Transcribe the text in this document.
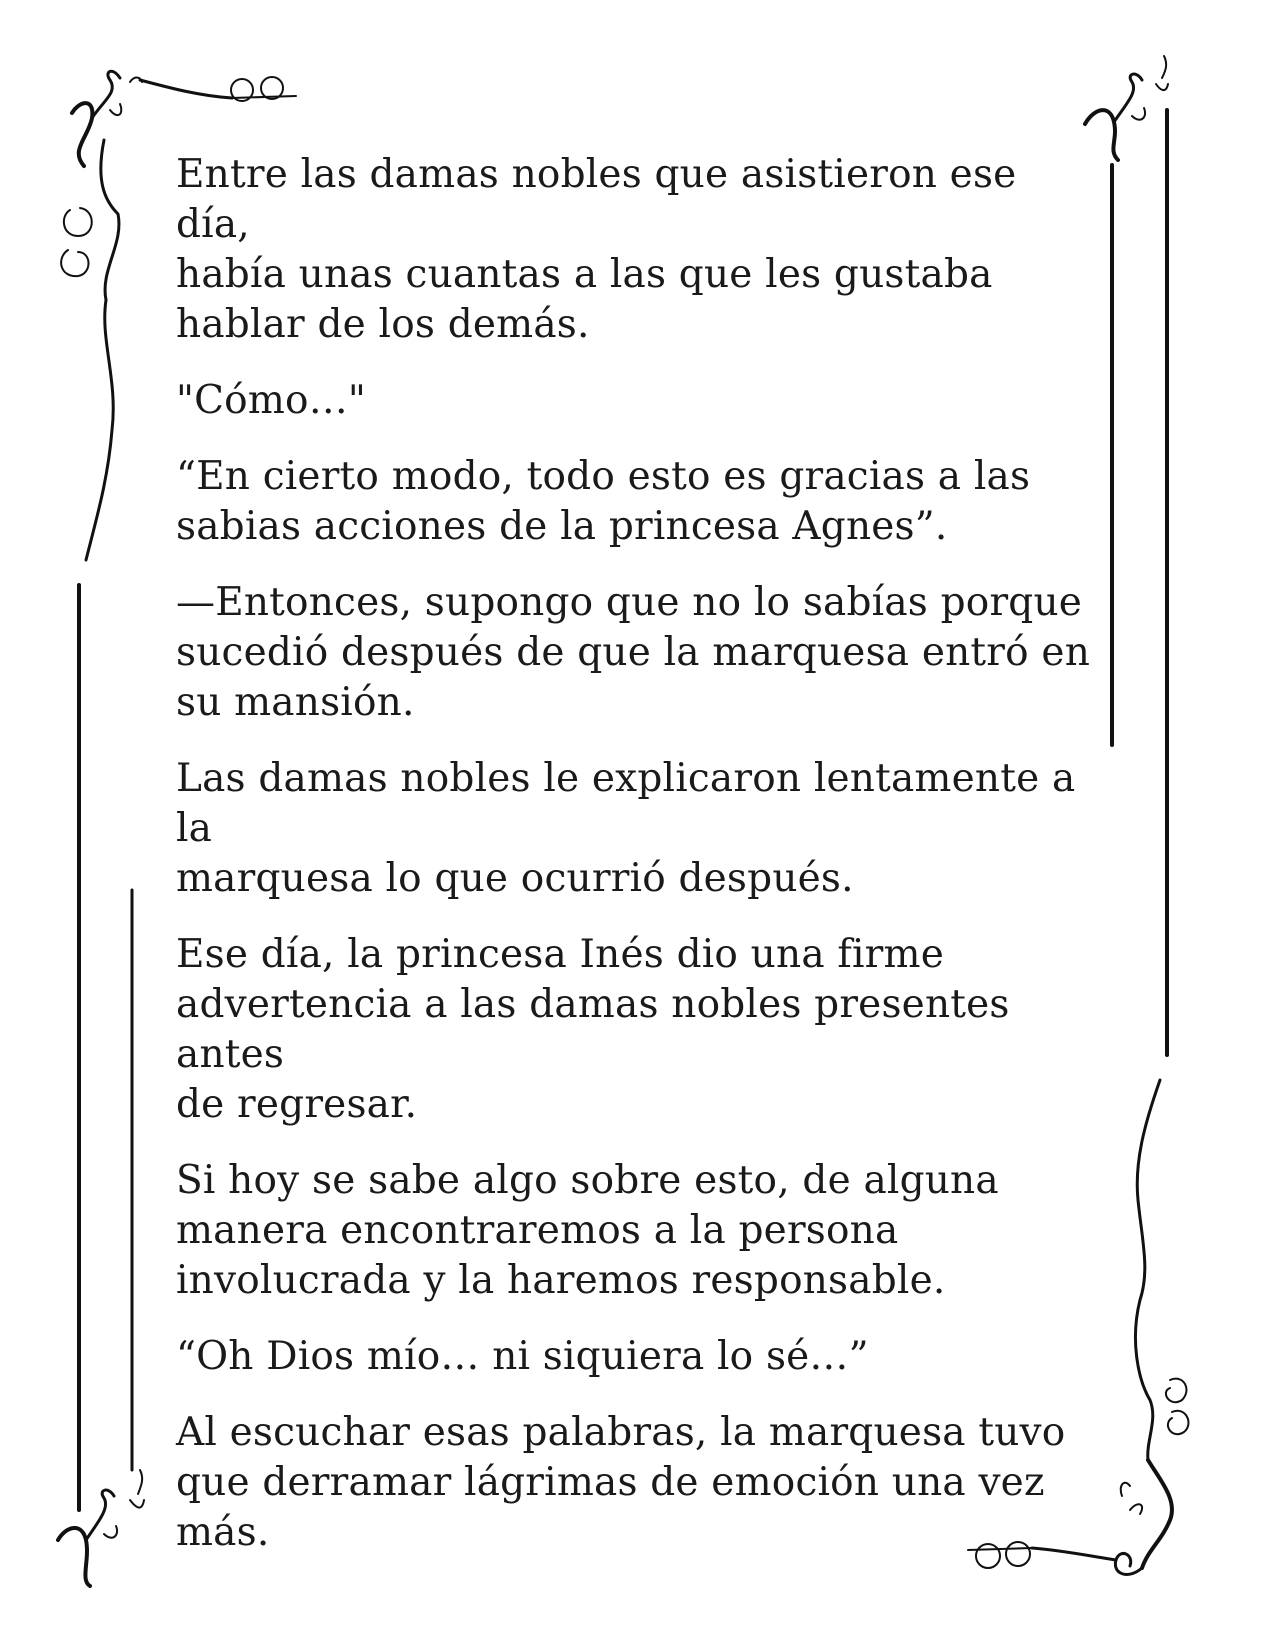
Entre las damas nobles que asistieron ese día,
había unas cuantas a las que les gustaba
hablar de los demás.

"Cómo…"

“En cierto modo, todo esto es gracias a las
sabias acciones de la princesa Agnes”.

—Entonces, supongo que no lo sabías porque
sucedió después de que la marquesa entró en
su mansión.

Las damas nobles le explicaron lentamente a la
marquesa lo que ocurrió después.

Ese día, la princesa Inés dio una firme
advertencia a las damas nobles presentes antes
de regresar.

Si hoy se sabe algo sobre esto, de alguna
manera encontraremos a la persona
involucrada y la haremos responsable.

“Oh Dios mío… ni siquiera lo sé…”

Al escuchar esas palabras, la marquesa tuvo
que derramar lágrimas de emoción una vez
más.
